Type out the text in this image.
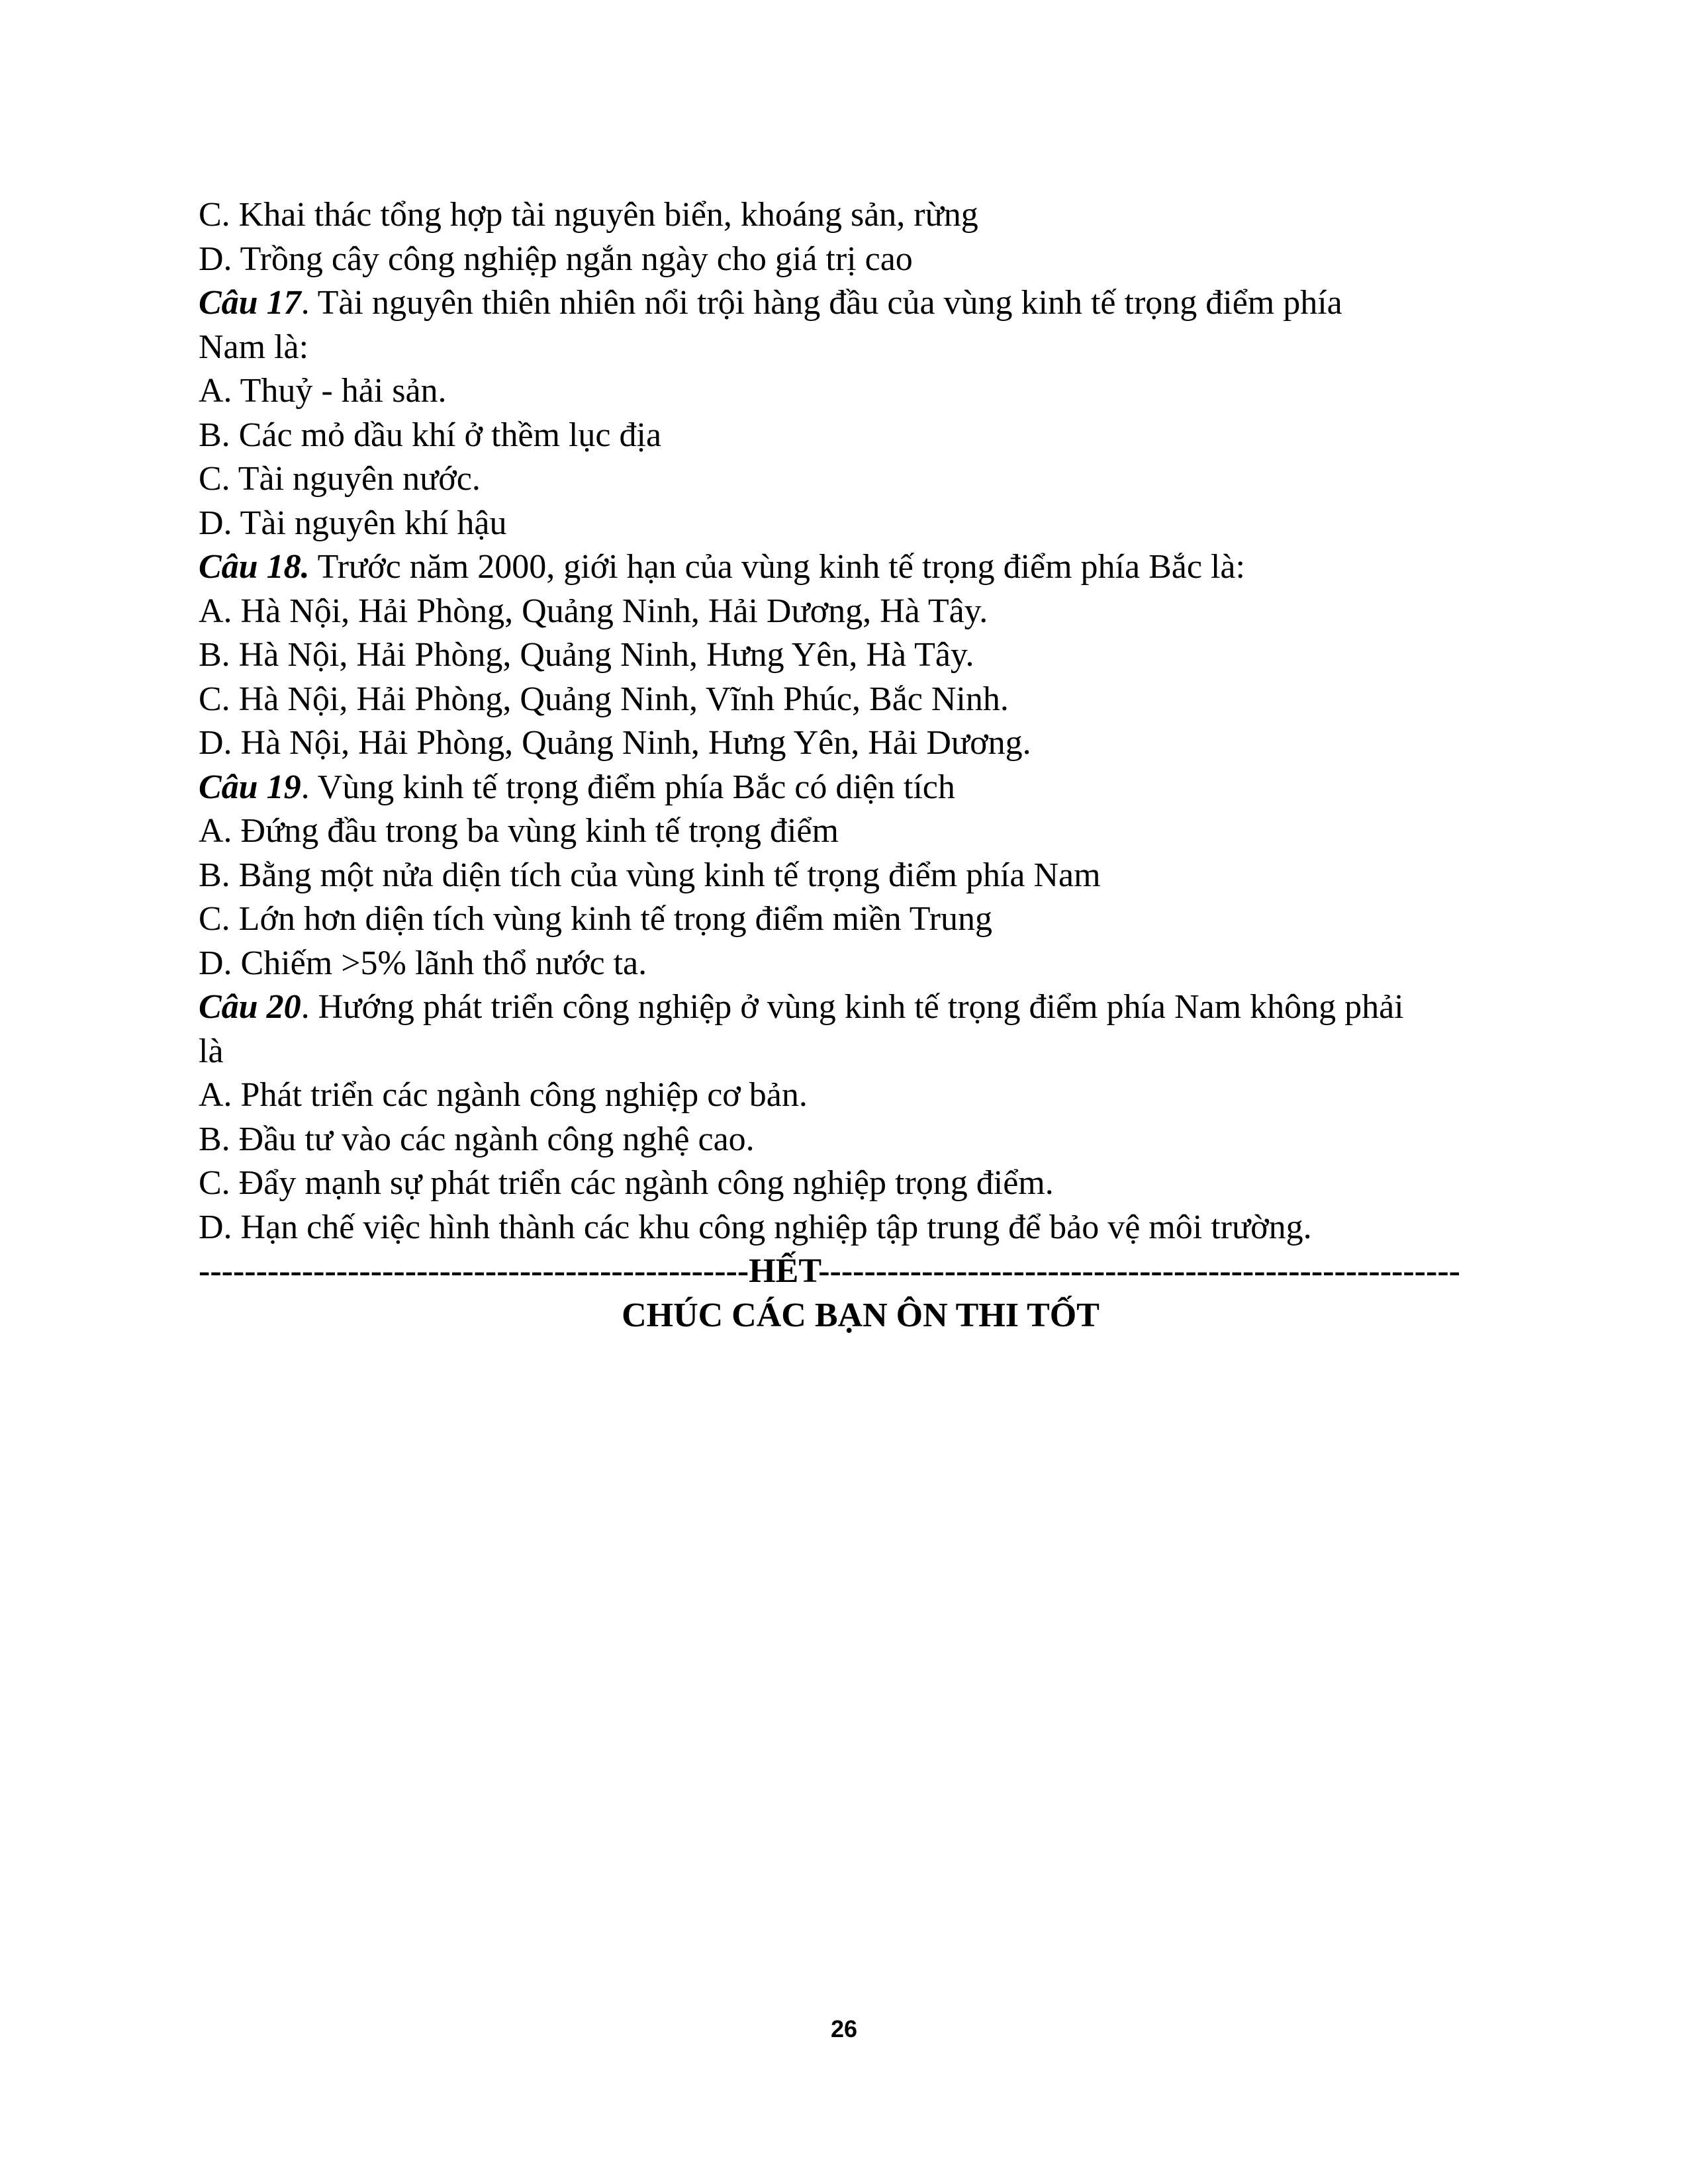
C. Khai thác tổng hợp tài nguyên biển, khoáng sản, rừng
D. Trồng cây công nghiệp ngắn ngày cho giá trị cao
Câu 17. Tài nguyên thiên nhiên nổi trội hàng đầu của vùng kinh tế trọng điểm phía
Nam là:
A. Thuỷ - hải sản.
B. Các mỏ dầu khí ở thềm lục địa
C. Tài nguyên nước.
D. Tài nguyên khí hậu
Câu 18. Trước năm 2000, giới hạn của vùng kinh tế trọng điểm phía Bắc là:
A. Hà Nội, Hải Phòng, Quảng Ninh, Hải Dương, Hà Tây.
B. Hà Nội, Hải Phòng, Quảng Ninh, Hưng Yên, Hà Tây.
C. Hà Nội, Hải Phòng, Quảng Ninh, Vĩnh Phúc, Bắc Ninh.
D. Hà Nội, Hải Phòng, Quảng Ninh, Hưng Yên, Hải Dương.
Câu 19. Vùng kinh tế trọng điểm phía Bắc có diện tích
A. Đứng đầu trong ba vùng kinh tế trọng điểm
B. Bằng một nửa diện tích của vùng kinh tế trọng điểm phía Nam
C. Lớn hơn diện tích vùng kinh tế trọng điểm miền Trung
D. Chiếm >5% lãnh thổ nước ta.
Câu 20. Hướng phát triển công nghiệp ở vùng kinh tế trọng điểm phía Nam không phải
là
A. Phát triển các ngành công nghiệp cơ bản.
B. Đầu tư vào các ngành công nghệ cao.
C. Đẩy mạnh sự phát triển các ngành công nghiệp trọng điểm.
D. Hạn chế việc hình thành các khu công nghiệp tập trung để bảo vệ môi trường.
------------------------------------------------HẾT--------------------------------------------------------
CHÚC CÁC BẠN ÔN THI TỐT
26
